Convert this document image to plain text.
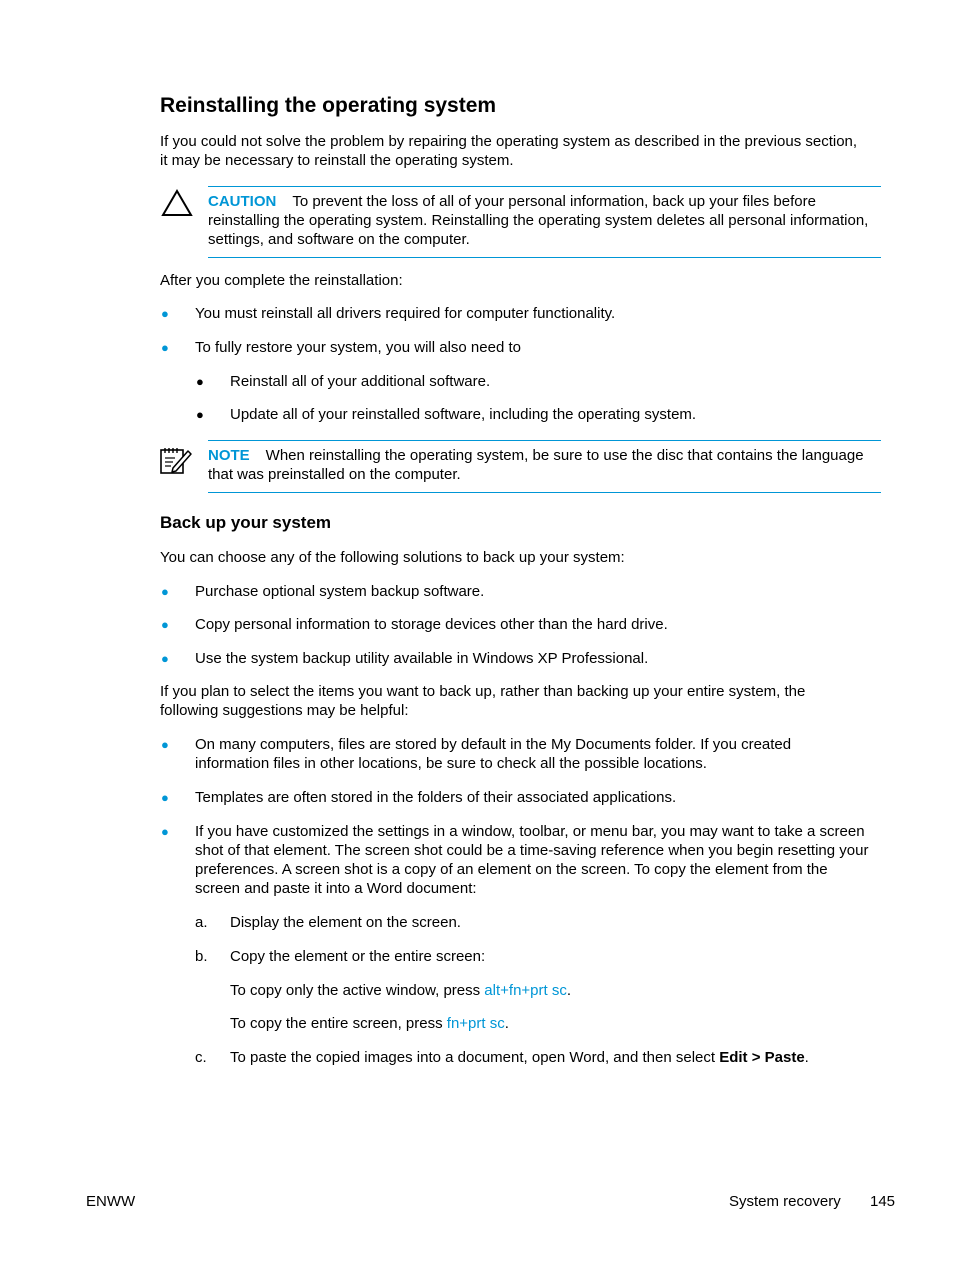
Reinstalling the operating system

If you could not solve the problem by repairing the operating system as described in the previous section, it may be necessary to reinstall the operating system.

CAUTION To prevent the loss of all of your personal information, back up your files before reinstalling the operating system. Reinstalling the operating system deletes all personal information, settings, and software on the computer.

After you complete the reinstallation:

● You must reinstall all drivers required for computer functionality.

● To fully restore your system, you will also need to

● Reinstall all of your additional software.

● Update all of your reinstalled software, including the operating system.

NOTE When reinstalling the operating system, be sure to use the disc that contains the language that was preinstalled on the computer.
Back up your system

You can choose any of the following solutions to back up your system:

● Purchase optional system backup software.

● Copy personal information to storage devices other than the hard drive.

● Use the system backup utility available in Windows XP Professional.

If you plan to select the items you want to back up, rather than backing up your entire system, the following suggestions may be helpful:

● On many computers, files are stored by default in the My Documents folder. If you created information files in other locations, be sure to check all the possible locations.

● Templates are often stored in the folders of their associated applications.

● If you have customized the settings in a window, toolbar, or menu bar, you may want to take a screen shot of that element. The screen shot could be a time-saving reference when you begin resetting your preferences. A screen shot is a copy of an element on the screen. To copy the element from the screen and paste it into a Word document:

a. Display the element on the screen.

b. Copy the element or the entire screen:

To copy only the active window, press alt+fn+prt sc.

To copy the entire screen, press fn+prt sc.

c. To paste the copied images into a document, open Word, and then select Edit > Paste.

ENWW	System recovery 145
